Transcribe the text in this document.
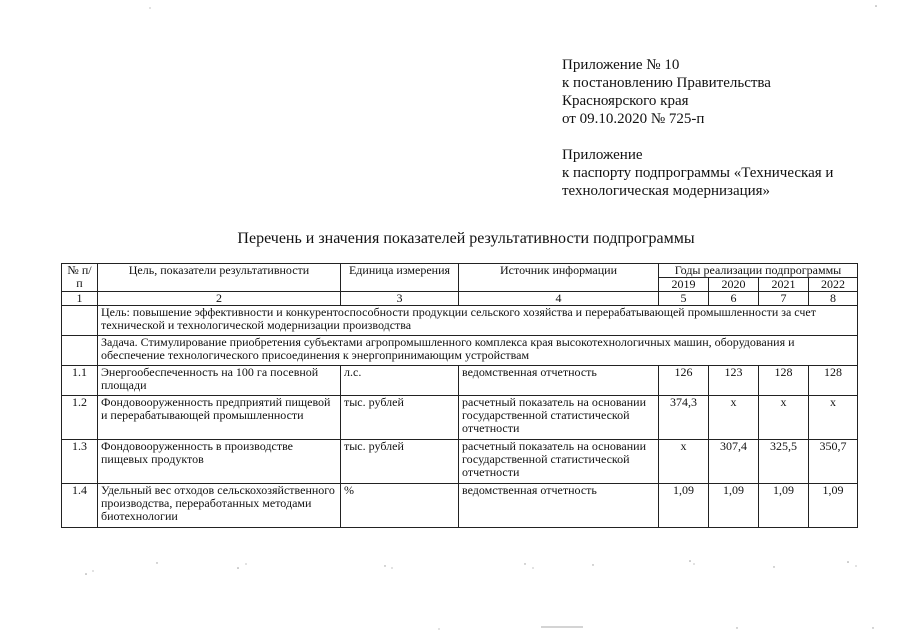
Приложение № 10
к постановлению Правительства
Красноярского края
от 09.10.2020 № 725-п
Приложение
к паспорту подпрограммы «Техническая и
технологическая модернизация»
Перечень и значения показателей результативности подпрограммы
№ п/п	Цель, показатели результативности	Единица измерения	Источник информации	Годы реализации подпрограммы			
				2019	2020	2021	2022
1	2	3	4	5	6	7	8
	Цель: повышение эффективности и конкурентоспособности продукции сельского хозяйства и перерабатывающей промышленности за счет технической и технологической модернизации производства						
	Задача. Стимулирование приобретения субъектами агропромышленного комплекса края высокотехнологичных машин, оборудования и обеспечение технологического присоединения к энергопринимающим устройствам						
1.1	Энергообеспеченность на 100 га посевной площади	л.с.	ведомственная отчетность	126	123	128	128
1.2	Фондовооруженность предприятий пищевой и перерабатывающей промышленности	тыс. рублей	расчетный показатель на основании государственной статистической отчетности	374,3	х	х	х
1.3	Фондовооруженность в производстве пищевых продуктов	тыс. рублей	расчетный показатель на основании государственной статистической отчетности	х	307,4	325,5	350,7
1.4	Удельный вес отходов сельскохозяйственного производства, переработанных методами биотехнологии	%	ведомственная отчетность	1,09	1,09	1,09	1,09
